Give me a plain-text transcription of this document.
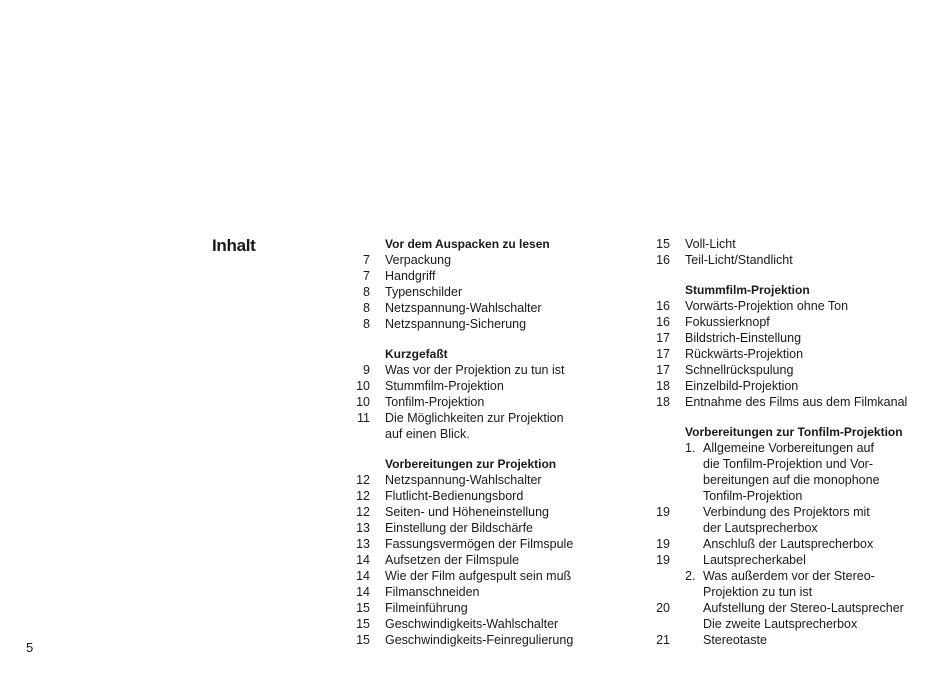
Inhalt
5
Vor dem Auspacken zu lesen
7	Verpackung
7	Handgriff
8	Typenschilder
8	Netzspannung-Wahlschalter
8	Netzspannung-Sicherung
Kurzgefaßt
9	Was vor der Projektion zu tun ist
10	Stummfilm-Projektion
10	Tonfilm-Projektion
11	Die Möglichkeiten zur Projektion
auf einen Blick.
Vorbereitungen zur Projektion
12	Netzspannung-Wahlschalter
12	Flutlicht-Bedienungsbord
12	Seiten- und Höheneinstellung
13	Einstellung der Bildschärfe
13	Fassungsvermögen der Filmspule
14	Aufsetzen der Filmspule
14	Wie der Film aufgespult sein muß
14	Filmanschneiden
15	Filmeinführung
15	Geschwindigkeits-Wahlschalter
15	Geschwindigkeits-Feinregulierung
15	Voll-Licht
16	Teil-Licht/Standlicht
Stummfilm-Projektion
16	Vorwärts-Projektion ohne Ton
16	Fokussierknopf
17	Bildstrich-Einstellung
17	Rückwärts-Projektion
17	Schnellrückspulung
18	Einzelbild-Projektion
18	Entnahme des Films aus dem Filmkanal
Vorbereitungen zur Tonfilm-Projektion
1. Allgemeine Vorbereitungen auf
die Tonfilm-Projektion und Vor-
bereitungen auf die monophone
Tonfilm-Projektion
19	Verbindung des Projektors mit
der Lautsprecherbox
19	Anschluß der Lautsprecherbox
19	Lautsprecherkabel
2. Was außerdem vor der Stereo-
Projektion zu tun ist
20	Aufstellung der Stereo-Lautsprecher
Die zweite Lautsprecherbox
21	Stereotaste
